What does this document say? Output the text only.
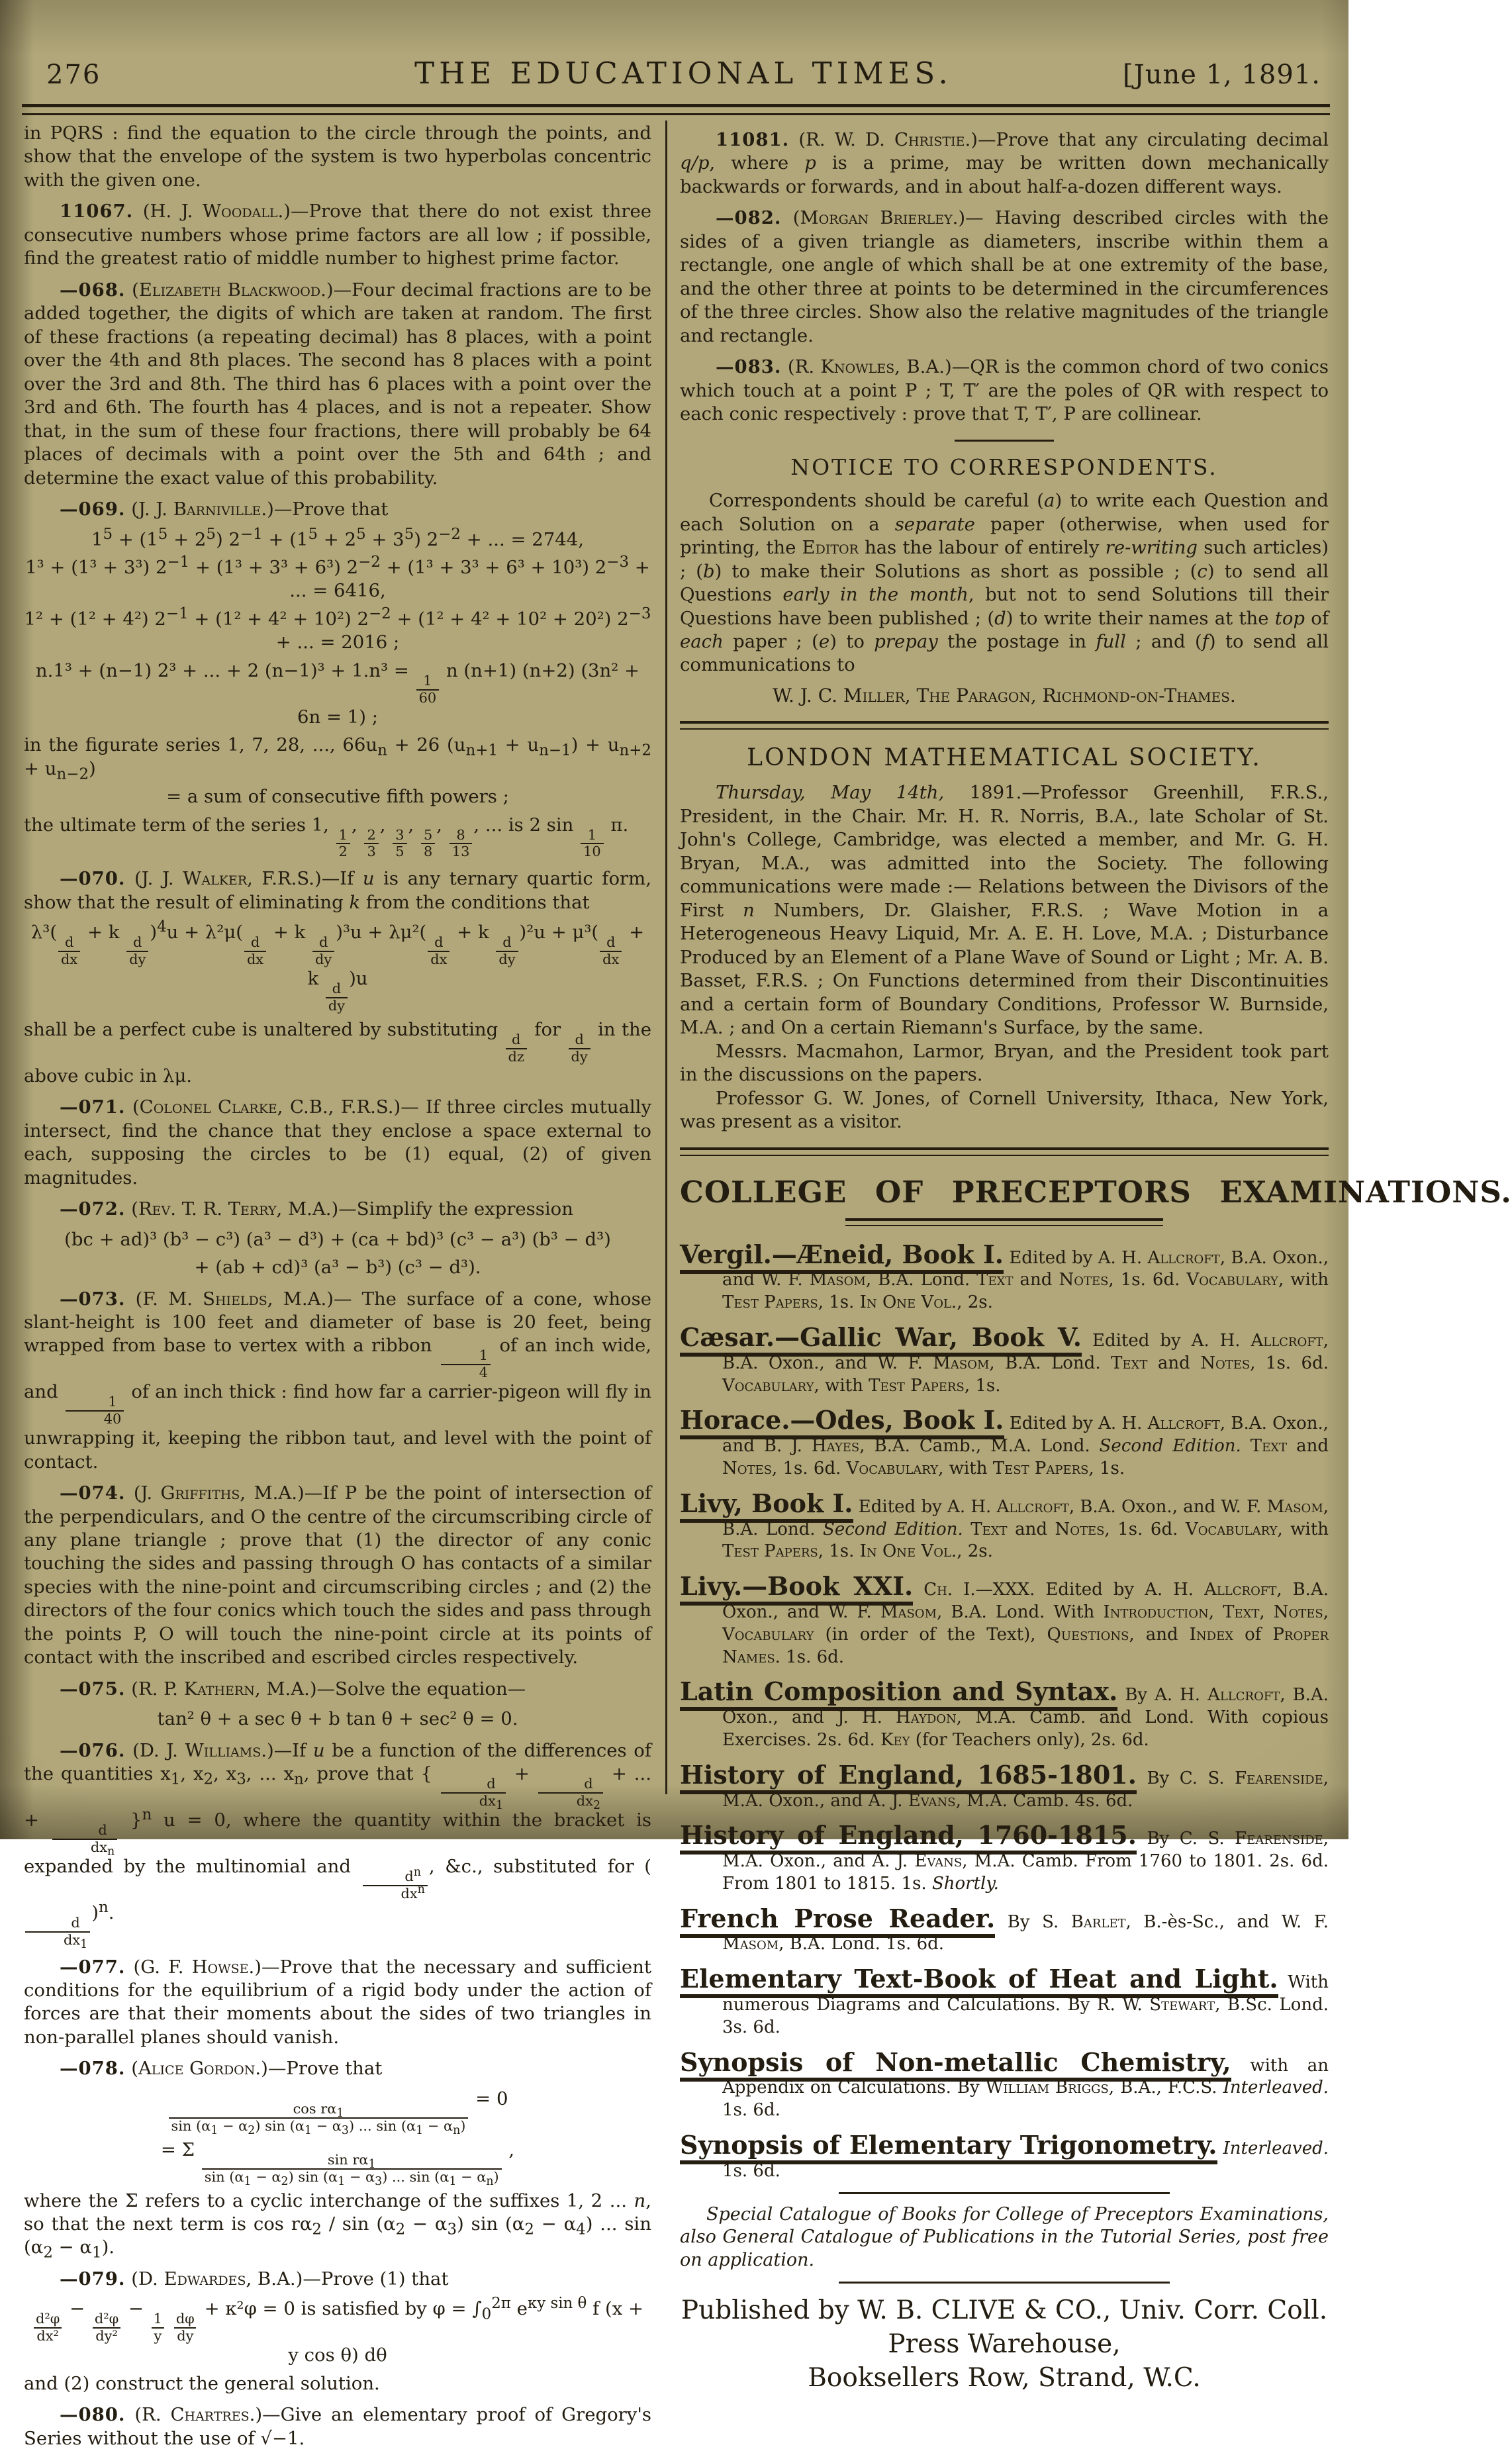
276	THE EDUCATIONAL TIMES.	[June 1, 1891.

in PQRS : find the equation to the circle through the points, and show that the envelope of the system is two hyperbolas concentric with the given one.

11067. (H. J. Woodall.)—Prove that there do not exist three consecutive numbers whose prime factors are all low ; if possible, find the greatest ratio of middle number to highest prime factor.

—068. (Elizabeth Blackwood.)—Four decimal fractions are to be added together, the digits of which are taken at random. The first of these fractions (a repeating decimal) has 8 places, with a point over the 4th and 8th places. The second has 8 places with a point over the 3rd and 8th. The third has 6 places with a point over the 3rd and 6th. The fourth has 4 places, and is not a repeater. Show that, in the sum of these four fractions, there will probably be 64 places of decimals with a point over the 5th and 64th ; and determine the exact value of this probability.

—069. (J. J. Barniville.)—Prove that

$1^5 + (1^5 + 2^5) 2^{-1} + (1^5 + 2^5 + 3^5) 2^{-2}$ + ... = 2744,
1³ + (1³ + 3³) $2^{-1} + (1^3 + 3^3 + 6^3) 2^{-2} + (1^3 + 3^3 + 6^3 + 10^3) 2^{-3}$ + ... = 6416,
1² + (1² + 4²) $2^{-1} + (1^2 + 4^2 + 10^2) 2^{-2} + (1^2 + 4^2 + 10^2 + 20^2) 2^{-3}$ + ... = 2016 ;
n.1³ + (n−1) 2³ + ... + 2 (n−1)³ + 1.n³ =
$\frac{1}{60}$
n (n+1) (n+2) (3n² + 6n = 1) ;

in the figurate series 1, 7, 28, ..., $66u_n + 26$ $(u_{n+1} + u_{n-1}) + u_{n+2} + u_{n-2}$)

= a sum of consecutive fifth powers ;

the ultimate term of the series 1,
$\frac{1}{2}$
,
$\frac{2}{3}$
,
$\frac{3}{5}$
,
$\frac{5}{8}$
,
$\frac{8}{13}$
, ... is 2 sin
$\frac{1}{10}$
π.

—070. (J. J. Walker, F.R.S.)—If u is any ternary quartic form, show that the result of eliminating k from the conditions that

λ³(
$\frac{d}{dx}$
+ k
$\frac{d}{dy}$
)$^4$u + λ²μ(
$\frac{d}{dx}$
+ k
$\frac{d}{dy}$
)³u + λμ²(
$\frac{d}{dx}$
+ k
$\frac{d}{dy}$
)²u + μ³(
$\frac{d}{dx}$
+ k
$\frac{d}{dy}$
)u

shall be a perfect cube is unaltered by substituting
$\frac{d}{dz}$
for
$\frac{d}{dy}$
in the above cubic in λμ.

—071. (Colonel Clarke, C.B., F.R.S.)— If three circles mutually intersect, find the chance that they enclose a space external to each, supposing the circles to be (1) equal, (2) of given magnitudes.

—072. (Rev. T. R. Terry, M.A.)—Simplify the expression

(bc + ad)³ (b³ − c³) (a³ − d³) + (ca + bd)³ (c³ − a³) (b³ − d³)
+ (ab + cd)³ (a³ − b³) (c³ − d³).

—073. (F. M. Shields, M.A.)— The surface of a cone, whose slant-height is 100 feet and diameter of base is 20 feet, being wrapped from base to vertex with a ribbon
$\frac{1}{4}$
of an inch wide, and
$\frac{1}{40}$
of an inch thick : find how far a carrier-pigeon will fly in unwrapping it, keeping the ribbon taut, and level with the point of contact.

—074. (J. Griffiths, M.A.)—If P be the point of intersection of the perpendiculars, and O the centre of the circumscribing circle of any plane triangle ; prove that (1) the director of any conic touching the sides and passing through O has contacts of a similar species with the nine-point and circumscribing circles ; and (2) the directors of the four conics which touch the sides and pass through the points P, O will touch the nine-point circle at its points of contact with the inscribed and escribed circles respectively.

—075. (R. P. Kathern, M.A.)—Solve the equation—

tan² θ + a sec θ + b tan θ + sec² θ = 0.

—076. (D. J. Williams.)—If u be a function of the differences of the quantities $x_1$, $x_2$, $x_3$, ... $x_n$, prove that {
$\frac{d}{dx_1}$
+
$\frac{d}{dx_2}$
+ ... +
$\frac{d}{dx_n}$
}$^n$ u = 0, where the quantity within the bracket is expanded by the multinomial and
$\frac{d^n}{dx^n}$
, &c., substituted for (
$\frac{d}{dx_1}$
)$^n$.

—077. (G. F. Howse.)—Prove that the necessary and sufficient conditions for the equilibrium of a rigid body under the action of forces are that their moments about the sides of two triangles in non-parallel planes should vanish.

—078. (Alice Gordon.)—Prove that

$\frac{\cos r\alpha_1}{\sin (\alpha_1 - \alpha_2) \sin (\alpha_1 - \alpha_3) ... \sin (\alpha_1 - \alpha_n)}$
= 0
= Σ
$\frac{\sin r\alpha_1}{\sin (\alpha_1 - \alpha_2) \sin (\alpha_1 - \alpha_3) ... \sin (\alpha_1 - \alpha_n)}$
,

where the Σ refers to a cyclic interchange of the suffixes 1, 2 ... n, so that the next term is $\cos r\alpha_2 / \sin (\alpha_2 - \alpha_3)$ $\sin (\alpha_2 - \alpha_4)$ ... $\sin (\alpha_2 - \alpha_1)$.

—079. (D. Edwardes, B.A.)—Prove (1) that

$\frac{\text{d²φ}}{\text{dx²}}$
−
$\frac{\text{d²φ}}{\text{dy²}}$
−
$\frac{1}{y}$
$\frac{d\varphi}{dy}$
+ κ²φ = 0 is satisfied by $\varphi = \int_0^{2\pi}$ $e^{\kappa y sin \theta}$ f (x + y cos θ) dθ

and (2) construct the general solution.

—080. (R. Chartres.)—Give an elementary proof of Gregory's Series without the use of √−1.

11081. (R. W. D. Christie.)—Prove that any circulating decimal q/p, where p is a prime, may be written down mechanically backwards or forwards, and in about half-a-dozen different ways.

—082. (Morgan Brierley.)— Having described circles with the sides of a given triangle as diameters, inscribe within them a rectangle, one angle of which shall be at one extremity of the base, and the other three at points to be determined in the circumferences of the three circles. Show also the relative magnitudes of the triangle and rectangle.

—083. (R. Knowles, B.A.)—QR is the common chord of two conics which touch at a point P ; T, T′ are the poles of QR with respect to each conic respectively : prove that T, T′, P are collinear.

NOTICE TO CORRESPONDENTS.

Correspondents should be careful (a) to write each Question and each Solution on a separate paper (otherwise, when used for printing, the Editor has the labour of entirely re-writing such articles) ; (b) to make their Solutions as short as possible ; (c) to send all Questions early in the month, but not to send Solutions till their Questions have been published ; (d) to write their names at the top of each paper ; (e) to prepay the postage in full ; and (f) to send all communications to

W. J. C. Miller, The Paragon, Richmond-on-Thames.

LONDON MATHEMATICAL SOCIETY.

Thursday, May 14th, 1891.—Professor Greenhill, F.R.S., President, in the Chair. Mr. H. R. Norris, B.A., late Scholar of St. John's College, Cambridge, was elected a member, and Mr. G. H. Bryan, M.A., was admitted into the Society. The following communications were made :— Relations between the Divisors of the First n Numbers, Dr. Glaisher, F.R.S. ; Wave Motion in a Heterogeneous Heavy Liquid, Mr. A. E. H. Love, M.A. ; Disturbance Produced by an Element of a Plane Wave of Sound or Light ; Mr. A. B. Basset, F.R.S. ; On Functions determined from their Discontinuities and a certain form of Boundary Conditions, Professor W. Burnside, M.A. ; and On a certain Riemann's Surface, by the same.

Messrs. Macmahon, Larmor, Bryan, and the President took part in the discussions on the papers.

Professor G. W. Jones, of Cornell University, Ithaca, New York, was present as a visitor.

COLLEGE OF PRECEPTORS EXAMINATIONS.

Vergil.—Æneid, Book I. Edited by A. H. Allcroft, B.A. Oxon., and W. F. Masom, B.A. Lond. Text and Notes, 1s. 6d. Vocabulary, with Test Papers, 1s. In One Vol., 2s.

Cæsar.—Gallic War, Book V. Edited by A. H. Allcroft, B.A. Oxon., and W. F. Masom, B.A. Lond. Text and Notes, 1s. 6d. Vocabulary, with Test Papers, 1s.

Horace.—Odes, Book I. Edited by A. H. Allcroft, B.A. Oxon., and B. J. Hayes, B.A. Camb., M.A. Lond. Second Edition. Text and Notes, 1s. 6d. Vocabulary, with Test Papers, 1s.

Livy, Book I. Edited by A. H. Allcroft, B.A. Oxon., and W. F. Masom, B.A. Lond. Second Edition. Text and Notes, 1s. 6d. Vocabulary, with Test Papers, 1s. In One Vol., 2s.

Livy.—Book XXI. Ch. I.—XXX. Edited by A. H. Allcroft, B.A. Oxon., and W. F. Masom, B.A. Lond. With Introduction, Text, Notes, Vocabulary (in order of the Text), Questions, and Index of Proper Names. 1s. 6d.

Latin Composition and Syntax. By A. H. Allcroft, B.A. Oxon., and J. H. Haydon, M.A. Camb. and Lond. With copious Exercises. 2s. 6d. Key (for Teachers only), 2s. 6d.

History of England, 1685-1801. By C. S. Fearenside, M.A. Oxon., and A. J. Evans, M.A. Camb. 4s. 6d.

History of England, 1760-1815. By C. S. Fearenside, M.A. Oxon., and A. J. Evans, M.A. Camb. From 1760 to 1801. 2s. 6d. From 1801 to 1815. 1s. Shortly.

French Prose Reader. By S. Barlet, B.-ès-Sc., and W. F. Masom, B.A. Lond. 1s. 6d.

Elementary Text-Book of Heat and Light. With numerous Diagrams and Calculations. By R. W. Stewart, B.Sc. Lond. 3s. 6d.

Synopsis of Non-metallic Chemistry, with an Appendix on Calculations. By William Briggs, B.A., F.C.S. Interleaved. 1s. 6d.

Synopsis of Elementary Trigonometry. Interleaved. 1s. 6d.

Special Catalogue of Books for College of Preceptors Examinations, also General Catalogue of Publications in the Tutorial Series, post free on application.

Published by W. B. CLIVE & CO., Univ. Corr. Coll. Press Warehouse,
Booksellers Row, Strand, W.C.
